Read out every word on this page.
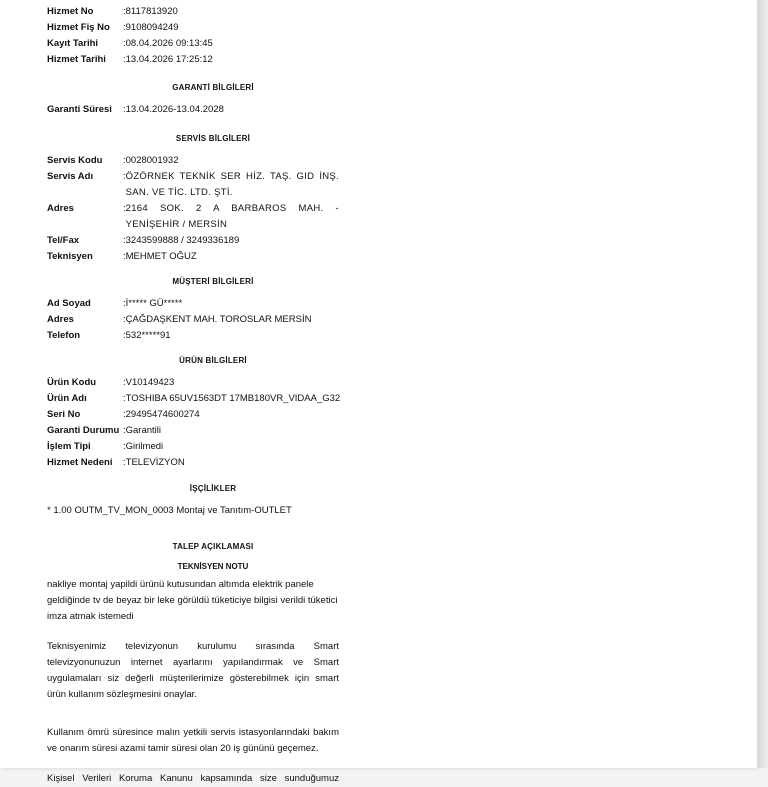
Hizmet No	:8117813920
Hizmet Fiş No	:9108094249
Kayıt Tarihi	:08.04.2026 09:13:45
Hizmet Tarihi	:13.04.2026 17:25:12
GARANTİ BİLGİLERİ
Garanti Süresi	:13.04.2026-13.04.2028
SERVİS BİLGİLERİ
Servis Kodu	:0028001932
Servis Adı	: ÖZÖRNEK TEKNİK SER HİZ. TAŞ. GID İNŞ. SAN. VE TİC. LTD. ŞTİ.
Adres	: 2164 SOK. 2 A BARBAROS MAH. - YENİŞEHİR / MERSİN
Tel/Fax	:3243599888 / 3249336189
Teknisyen	:MEHMET OĞUZ
MÜŞTERİ BİLGİLERİ
Ad Soyad	:İ***** GÜ*****
Adres	:ÇAĞDAŞKENT MAH. TOROSLAR MERSİN
Telefon	:532*****91
ÜRÜN BİLGİLERİ
Ürün Kodu	:V10149423
Ürün Adı	:TOSHIBA 65UV1563DT 17MB180VR_VIDAA_G32
Seri No	:29495474600274
Garanti Durumu :Garantili
İşlem Tipi	:Girilmedi
Hizmet Nedeni	:TELEVİZYON
İŞÇİLİKLER
* 1.00 OUTM_TV_MON_0003 Montaj ve Tanıtım-OUTLET
TALEP AÇIKLAMASI
TEKNİSYEN NOTU
nakliye montaj yapildi ürünü kutusundan altımda elektrik panele geldiğinde tv de beyaz bir leke görüldü tüketiciye bilgisi verildi tüketici imza atmak istemedi
Teknisyenimiz televizyonun kurulumu sırasında Smart televizyonunuzun internet ayarlarını yapılandırmak ve Smart uygulamaları siz değerli müşterilerimize gösterebilmek için smart ürün kullanım sözleşmesini onaylar.
Kullanım ömrü süresince malın yetkili servis istasyonlarındaki bakım ve onarım süresi azami tamir süresi olan 20 iş gününü geçemez.
Kişisel Verileri Koruma Kanunu kapsamında size sunduğumuz
